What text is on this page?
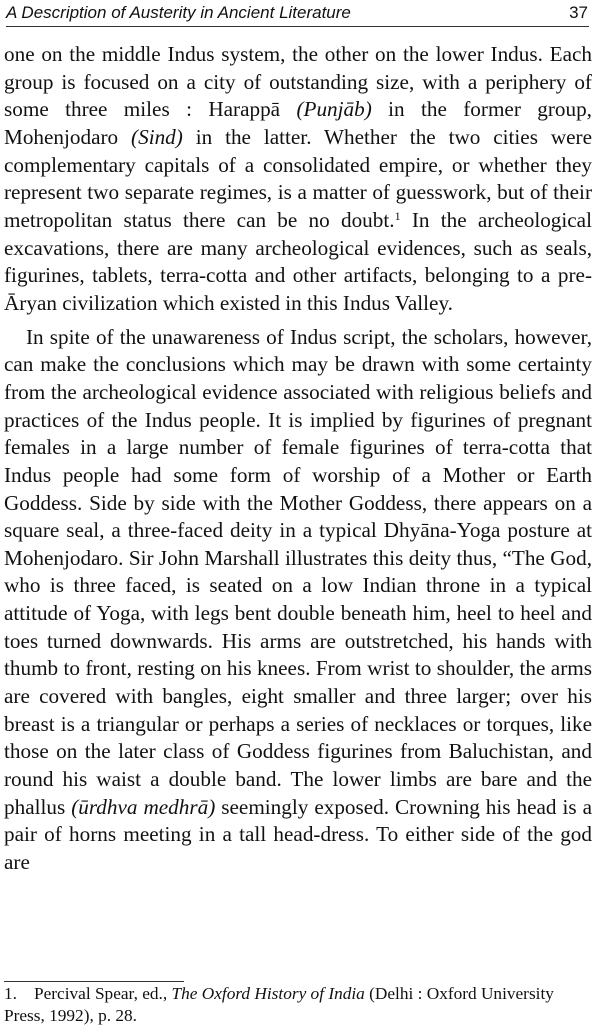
A Description of Austerity in Ancient Literature	37

one on the middle Indus system, the other on the lower Indus. Each group is focused on a city of outstanding size, with a periphery of some three miles : Harappā (Punjāb) in the former group, Mohenjodaro (Sind) in the latter. Whether the two cities were complementary capitals of a consolidated empire, or whether they represent two separate regimes, is a matter of guesswork, but of their metropolitan status there can be no doubt.$^1$ In the archeological excavations, there are many archeological evidences, such as seals, figurines, tablets, terra-cotta and other artifacts, belonging to a pre-Āryan civilization which existed in this Indus Valley.

In spite of the unawareness of Indus script, the scholars, however, can make the conclusions which may be drawn with some certainty from the archeological evidence associated with religious beliefs and practices of the Indus people. It is implied by figurines of pregnant females in a large number of female figurines of terra-cotta that Indus people had some form of worship of a Mother or Earth Goddess. Side by side with the Mother Goddess, there appears on a square seal, a three-faced deity in a typical Dhyāna-Yoga posture at Mohenjodaro. Sir John Marshall illustrates this deity thus, “The God, who is three faced, is seated on a low Indian throne in a typical attitude of Yoga, with legs bent double beneath him, heel to heel and toes turned downwards. His arms are outstretched, his hands with thumb to front, resting on his knees. From wrist to shoulder, the arms are covered with bangles, eight smaller and three larger; over his breast is a triangular or perhaps a series of necklaces or torques, like those on the later class of Goddess figurines from Baluchistan, and round his waist a double band. The lower limbs are bare and the phallus (ūrdhva medhrā) seemingly exposed. Crowning his head is a pair of horns meeting in a tall head-dress. To either side of the god are

1. Percival Spear, ed., The Oxford History of India (Delhi : Oxford University Press, 1992), p. 28.
